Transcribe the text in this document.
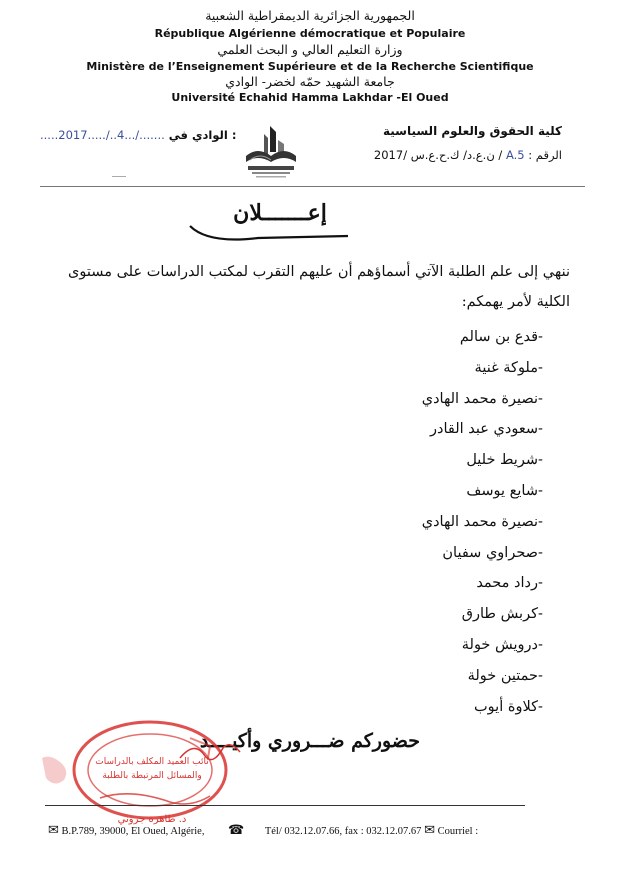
الجمهورية الجزائرية الديمقراطية الشعبية
République Algérienne démocratique et Populaire
وزارة التعليم العالي و البحث العلمي
Ministère de l’Enseignement Supérieure et de la Recherche Scientifique
جامعة الشهيد حمّه لخضر- الوادي
Université Echahid Hamma Lakhdar -El Oued
كلية الحقوق والعلوم السياسية
الرقم : A.5 / ن.ع.د/ ك.ح.ع.س /2017
.....2017...../..4.../....... الوادي في :
إعـــــــلان
ننهي إلى علم الطلبة الآتي أسماؤهم أن عليهم التقرب لمكتب الدراسات على مستوى
الكلية لأمر يهمكم:
-قدع بن سالم
-ملوكة غنية
-نصيرة محمد الهادي
-سعودي عبد القادر
-شريط خليل
-شايع يوسف
-نصيرة محمد الهادي
-صحراوي سفيان
-رداد محمد
-كربش طارق
-درويش خولة
-حمتين خولة
-كلاوة أيوب
حضوركم ضـــروري وأكيــــد
نائب العميد المكلف بالدراسات
والمسائل المرتبطة بالطلبة
د. طاهرة جروني
✉ B.P.789, 39000, El Oued, Algérie, ☎ Tél/ 032.12.07.66, fax : 032.12.07.67 ✉ Courriel :
